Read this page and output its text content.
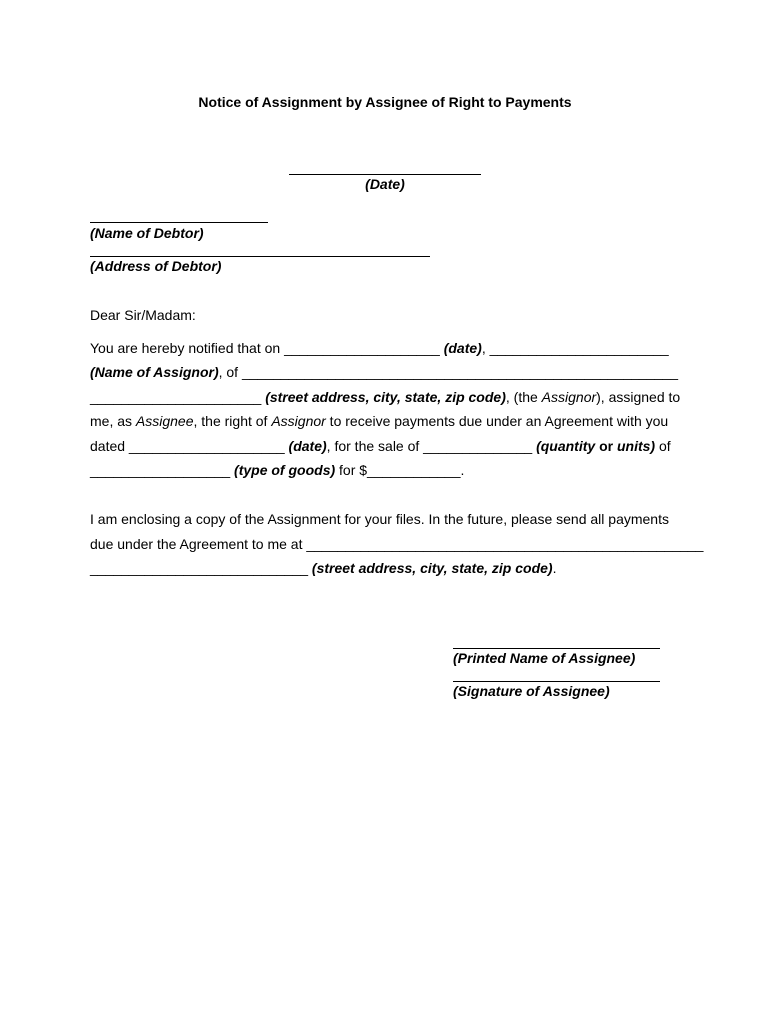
Notice of Assignment by Assignee of Right to Payments
(Date)
(Name of Debtor)
(Address of Debtor)
Dear Sir/Madam:
You are hereby notified that on ____________________ (date), _______________________
(Name of Assignor), of ________________________________________________________
______________________ (street address, city, state, zip code), (the Assignor), assigned to
me, as Assignee, the right of Assignor to receive payments due under an Agreement with you
dated ____________________ (date), for the sale of ______________ (quantity or units) of
__________________ (type of goods) for $____________.
I am enclosing a copy of the Assignment for your files. In the future, please send all payments
due under the Agreement to me at ___________________________________________________
____________________________ (street address, city, state, zip code).
(Printed Name of Assignee)
(Signature of Assignee)
